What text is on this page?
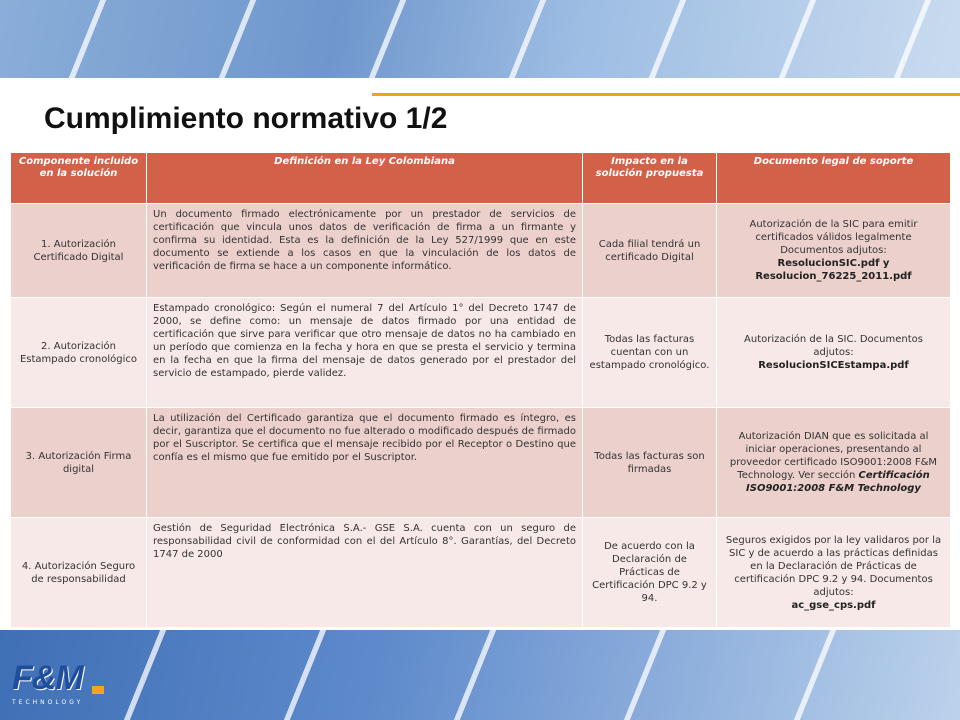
Cumplimiento normativo 1/2
Componente incluido en la solución	Definición en la Ley Colombiana	Impacto en la solución propuesta	Documento legal de soporte
1. Autorización Certificado Digital	Un documento firmado electrónicamente por un prestador de servicios de certificación que vincula unos datos de verificación de firma a un firmante y confirma su identidad. Esta es la definición de la Ley 527/1999 que en este documento se extiende a los casos en que la vinculación de los datos de verificación de firma se hace a un componente informático.	Cada filial tendrá un certificado Digital	Autorización de la SIC para emitir certificados válidos legalmente Documentos adjutos:
ResolucionSIC.pdf y Resolucion_76225_2011.pdf
2. Autorización Estampado cronológico	Estampado cronológico: Según el numeral 7 del Artículo 1° del Decreto 1747 de 2000, se define como: un mensaje de datos firmado por una entidad de certificación que sirve para verificar que otro mensaje de datos no ha cambiado en un período que comienza en la fecha y hora en que se presta el servicio y termina en la fecha en que la firma del mensaje de datos generado por el prestador del servicio de estampado, pierde validez.	Todas las facturas cuentan con un estampado cronológico.	Autorización de la SIC. Documentos adjutos:
ResolucionSICEstampa.pdf
3. Autorización Firma digital	La utilización del Certificado garantiza que el documento firmado es íntegro, es decir, garantiza que el documento no fue alterado o modificado después de firmado por el Suscriptor. Se certifica que el mensaje recibido por el Receptor o Destino que confía es el mismo que fue emitido por el Suscriptor.	Todas las facturas son firmadas	Autorización DIAN que es solicitada al iniciar operaciones, presentando al proveedor certificado ISO9001:2008 F&M Technology. Ver sección Certificación ISO9001:2008 F&M Technology
4. Autorización Seguro de responsabilidad	Gestión de Seguridad Electrónica S.A.- GSE S.A. cuenta con un seguro de responsabilidad civil de conformidad con el del Artículo 8°. Garantías, del Decreto 1747 de 2000	De acuerdo con la Declaración de Prácticas de Certificación DPC 9.2 y 94.	Seguros exigidos por la ley validaros por la SIC y de acuerdo a las prácticas definidas en la Declaración de Prácticas de certificación DPC 9.2 y 94. Documentos adjutos:
ac_gse_cps.pdf
F&M
TECHNOLOGY
